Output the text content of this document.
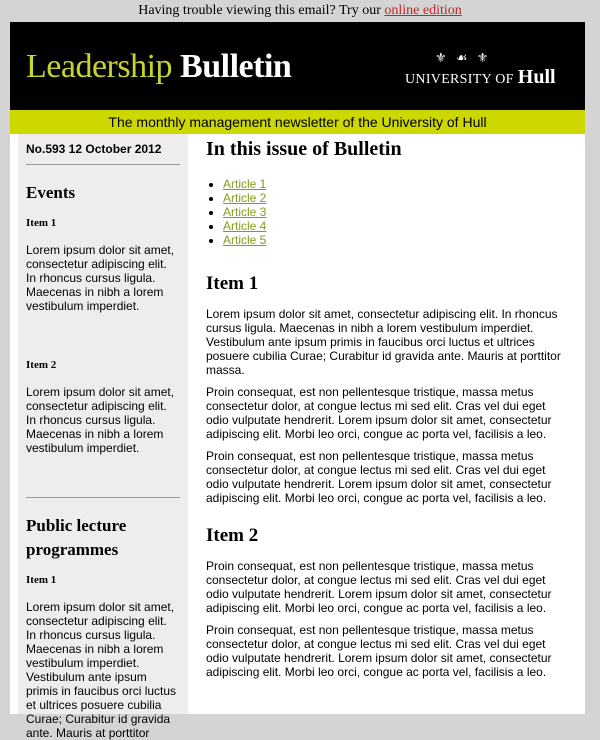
Having trouble viewing this email? Try our online edition
Leadership Bulletin	⚜ ☙ ⚜
UNIVERSITY OF Hull
The monthly management newsletter of the University of Hull
No.593 12 October 2012
Events
Item 1

Lorem ipsum dolor sit amet, consectetur adipiscing elit. In rhoncus cursus ligula. Maecenas in nibh a lorem vestibulum imperdiet.

Item 2

Lorem ipsum dolor sit amet, consectetur adipiscing elit. In rhoncus cursus ligula. Maecenas in nibh a lorem vestibulum imperdiet.

Public lecture programmes
Item 1

Lorem ipsum dolor sit amet, consectetur adipiscing elit. In rhoncus cursus ligula. Maecenas in nibh a lorem vestibulum imperdiet. Vestibulum ante ipsum primis in faucibus orci luctus et ultrices posuere cubilia Curae; Curabitur id gravida ante. Mauris at porttitor

In this issue of Bulletin
• Article 1
• Article 2
• Article 3
• Article 4
• Article 5
Item 1

Lorem ipsum dolor sit amet, consectetur adipiscing elit. In rhoncus cursus ligula. Maecenas in nibh a lorem vestibulum imperdiet. Vestibulum ante ipsum primis in faucibus orci luctus et ultrices posuere cubilia Curae; Curabitur id gravida ante. Mauris at porttitor massa.

Proin consequat, est non pellentesque tristique, massa metus consectetur dolor, at congue lectus mi sed elit. Cras vel dui eget odio vulputate hendrerit. Lorem ipsum dolor sit amet, consectetur adipiscing elit. Morbi leo orci, congue ac porta vel, facilisis a leo.

Proin consequat, est non pellentesque tristique, massa metus consectetur dolor, at congue lectus mi sed elit. Cras vel dui eget odio vulputate hendrerit. Lorem ipsum dolor sit amet, consectetur adipiscing elit. Morbi leo orci, congue ac porta vel, facilisis a leo.

Item 2

Proin consequat, est non pellentesque tristique, massa metus consectetur dolor, at congue lectus mi sed elit. Cras vel dui eget odio vulputate hendrerit. Lorem ipsum dolor sit amet, consectetur adipiscing elit. Morbi leo orci, congue ac porta vel, facilisis a leo.

Proin consequat, est non pellentesque tristique, massa metus consectetur dolor, at congue lectus mi sed elit. Cras vel dui eget odio vulputate hendrerit. Lorem ipsum dolor sit amet, consectetur adipiscing elit. Morbi leo orci, congue ac porta vel, facilisis a leo.
